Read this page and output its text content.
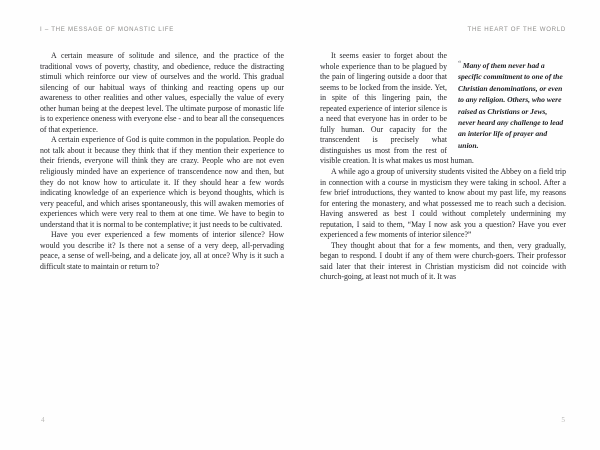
I – THE MESSAGE OF MONASTIC LIFE

A certain measure of solitude and silence, and the practice of the traditional vows of poverty, chastity, and obedience, reduce the distracting stimuli which reinforce our view of ourselves and the world. This gradual silencing of our habitual ways of thinking and reacting opens up our awareness to other realities and other values, especially the value of every other human being at the deepest level. The ultimate purpose of monastic life is to experience oneness with everyone else - and to bear all the consequences of that experience.

A certain experience of God is quite common in the population. People do not talk about it because they think that if they mention their experience to their friends, everyone will think they are crazy. People who are not even religiously minded have an experience of transcendence now and then, but they do not know how to articulate it. If they should hear a few words indicating knowledge of an experience which is beyond thoughts, which is very peaceful, and which arises spontaneously, this will awaken memories of experiences which were very real to them at one time. We have to begin to understand that it is normal to be contemplative; it just needs to be cultivated.

Have you ever experienced a few moments of interior silence? How would you describe it? Is there not a sense of a very deep, all-pervading peace, a sense of well-being, and a delicate joy, all at once? Why is it such a difficult state to maintain or return to?

4
THE HEART OF THE WORLD
“ Many of them never had a specific commitment to one of the Christian denominations, or even to any religion. Others, who were raised as Christians or Jews, never heard any challenge to lead an interior life of prayer and union.

It seems easier to forget about the whole experience than to be plagued by the pain of lingering outside a door that seems to be locked from the inside. Yet, in spite of this lingering pain, the repeated experience of interior silence is a need that everyone has in order to be fully human. Our capacity for the transcendent is precisely what distinguishes us most from the rest of visible creation. It is what makes us most human.

A while ago a group of university students visited the Abbey on a field trip in connection with a course in mysticism they were taking in school. After a few brief introductions, they wanted to know about my past life, my reasons for entering the monastery, and what possessed me to reach such a decision. Having answered as best I could without completely undermining my reputation, I said to them, “May I now ask you a question? Have you ever experienced a few moments of interior silence?”

They thought about that for a few moments, and then, very gradually, began to respond. I doubt if any of them were church-goers. Their professor said later that their interest in Christian mysticism did not coincide with church-going, at least not much of it. It was

5
